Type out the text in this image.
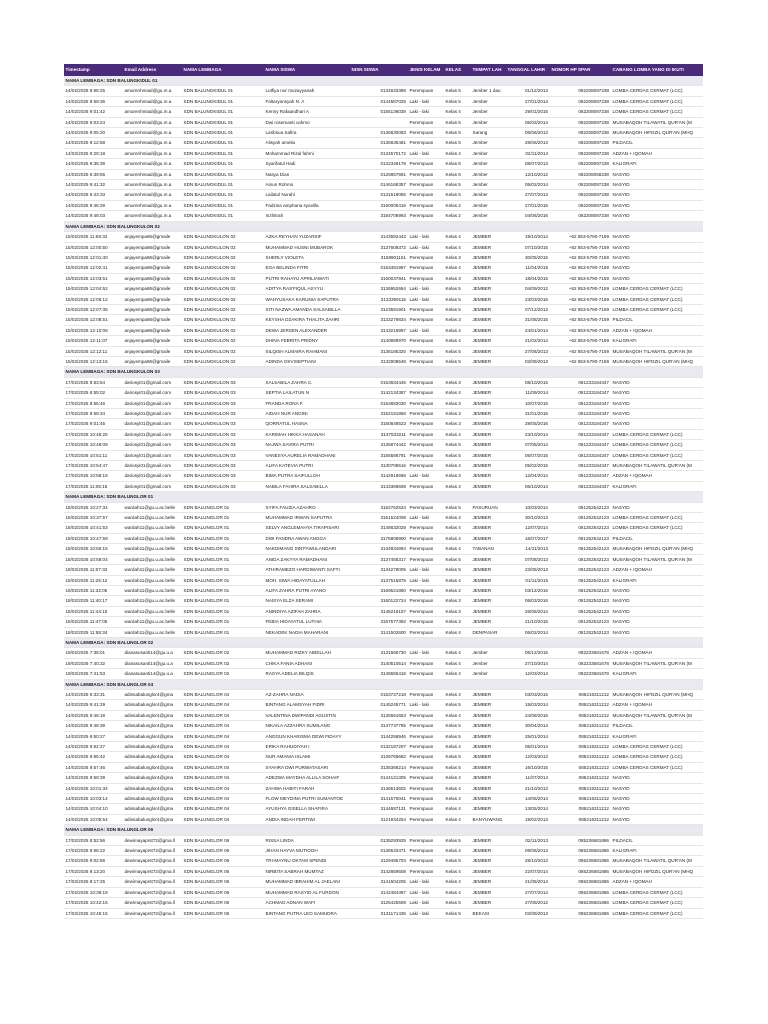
Timestamp	Email Address	NAMA LEMBAGA	NAMA SISWA	NISN SISWA	JENIS KELAM	KELAS	TEMPAT LAH	TANGGAL LAHIR	NOMOR HP SPAR	CABANG LOMBA YANG DI IKUTI
NAMA LEMBAGA: SDN BALUNGKIDUL 01										
14/02/2025 8:56:25	amurenhmiad@gu.m.a	SDN BALUNGKIDUL 01	Lutfiya nur muzayyanah	0134633388	Perempuan	Kelas 5	Jember 1 dau	01/12/2013	082208097238	LOMBA CERDAS CERMAT (LCC)
14/02/2025 8:59:36	amurenhmiad@gu.m.a	SDN BALUNGKIDUL 01	Faltaryansyah N. A	0144587025	Laki - laki	Kelas 5	Jember	27/01/2014	082208097238	LOMBA CERDAS CERMAT (LCC)
14/02/2025 9:01:42	amurenhmiad@gu.m.a	SDN BALUNGKIDUL 01	Kenny Rafaandhari A	0155136038	Laki - laki	Kelas 4	Jember	29/01/2015	082208097238	LOMBA CERDAS CERMAT (LCC)
14/02/2025 9:03:24	amurenhmiad@gu.m.a	SDN BALUNGKIDUL 01	Dwi rosemanti cahmo		Perempuan	Kelas 5	Jember	05/03/2014	082208097238	MUSABAQOH TILAWATIL QUR'AN (M
14/02/2025 9:05:20	amurenhmiad@gu.m.a	SDN BALUNGKIDUL 01	Laribsua Safira	0136630083	Perempuan	Kelas 5	Sarang	06/06/2013	082208097238	MUSABAQOH HIFDZIL QUR'AN (MHQ
14/02/2025 9:12:58	amurenhmiad@gu.m.a	SDN BALUNGKIDUL 01	Alisyah amelia	0136635481	Perempuan	Kelas 5	Jember	28/06/2013	082208097238	PILDACIL
14/02/2025 9:29:18	amurenhmiad@gu.m.a	SDN BALUNGKIDUL 01	Mohammad Rizal fahmi	0134570172	Laki - laki	Kelas 4	Jember	02/11/2014	082208097238	ADZAN + IQOMAH
14/02/2025 9:35:39	amurenhmiad@gu.m.a	SDN BALUNGKIDUL 01	Syarifatul Hadi	0132349178	Perempuan	Kelas 6	Jember	08/07/2013	082208097238	KALIGRAFI
14/02/2025 9:39:55	amurenhmiad@gu.m.a	SDN BALUNGKIDUL 01	Nasya Dian	0126857691	Perempuan	Kelas 6	Jember	12/10/2012	082208058238	NASYID
14/02/2025 9:41:32	amurenhmiad@gu.m.a	SDN BALUNGKIDUL 01	Ainun Rohmo	0146168357	Perempuan	Kelas 5	Jember	05/02/2014	082208097238	NASYID
14/02/2025 9:43:33	amurenhmiad@gu.m.a	SDN BALUNGKIDUL 01	Lailatul Nurahi	0131519085	Perempuan	Kelas 5	Jember	27/07/2013	082208097238	NASYID
14/02/2025 9:46:29	amurenhmiad@gu.m.a	SDN BALUNGKIDUL 01	Fadzina amphana syavilla	3160005416	Perempuan	Kelas 2	Jember	27/01/2016	082208097238	NASYID
14/02/2025 9:48:03	amurenhmiad@gu.m.a	SDN BALUNGKIDUL 01	Inzhitrah	3164706993	Perempuan	Kelas 2	Jember	04/06/2016	082208097238	NASYID
NAMA LEMBAGA: SDN BALUNGKULON 02										
15/02/2025 11:59:32	anjayempa86@gmaile	SDN BALUNGKULON 02	AZKA REYHAN YUZARSIF	3143592443	Laki - laki	Kelas 4	JEMBER	19/10/2014	+62 853-5790-7159	NASYID
15/02/2025 12:00:50	anjayempa86@gmaile	SDN BALUNGKULON 02	MUHAMMAD HUSNI MUBAROK	3137609372	Laki - laki	Kelas 4	JEMBER	07/10/2015	+62 853-5790-7159	NASYID
15/02/2025 12:01:40	anjayempa86@gmaile	SDN BALUNGKULON 02	SHERLY VIOLETA	3158901151	Perempuan	Kelas 3	JEMBER	30/05/2015	+62 853-5790-7159	NASYID
15/02/2025 12:02:41	anjayempa86@gmaile	SDN BALUNGKULON 02	EGA BELINDA FITRI	0153481987	Perempuan	Kelas 4	JEMBER	11/04/2015	+62 853-5790-7159	NASYID
15/02/2025 12:03:51	anjayempa86@gmaile	SDN BALUNGKULON 02	PUTRI RAHAYU APRILIAWATI	3160037841	Perempuan	Kelas 3	JEMBER	18/04/2015	+62 853-5790-7159	NASYID
15/02/2025 12:04:52	anjayempa86@gmaile	SDN BALUNGKULON 02	ADITYA RAS'FIQUL ASYYU	3136952664	Laki - laki	Kelas 5	JEMBER	04/09/2012	+62 853-5790-7159	LOMBA CERDAS CERMAT (LCC)
15/02/2025 12:06:12	anjayempa86@gmaile	SDN BALUNGKULON 02	WAHYUSAKA KARUNIA SAPUTRA	3133399115	Laki - laki	Kelas 5	JEMBER	23/03/2016	+62 853-5790-7159	LOMBA CERDAS CERMAT (LCC)
15/02/2025 12:07:35	anjayempa86@gmaile	SDN BALUNGKULON 02	SITI NAZWA AMANDA SALSABILLA	3123591901	Perempuan	Kelas 5	JEMBER	07/12/2012	+62 853-5790-7159	LOMBA CERDAS CERMAT (LCC)
15/02/2025 12:08:51	anjayempa86@gmaile	SDN BALUNGKULON 02	KEYSHA DZAKIRA THALITA ZAHRI	3133279834	Perempuan	Kelas 3	JEMBER	31/08/2015	+62 853-5790-7159	PILDACIL
15/02/2025 12:10:08	anjayempa86@gmaile	SDN BALUNGKULON 02	DEWA JERSEN ALEXANDER	3143216997	Laki - laki	Kelas 4	JEMBER	24/01/2014	+62 853-5790-7159	ADZAN + IQOMAH
15/02/2025 12:11:07	anjayempa86@gmaile	SDN BALUNGKULON 02	DHINA FEBRITA PRIDNY	3140889970	Perempuan	Kelas 4	JEMBER	21/02/2014	+62 853-5790-7159	KALIGRAFI
15/02/2025 12:12:11	anjayempa86@gmaile	SDN BALUNGKULON 02	SILQISH ALMAIRA RAHMANI	3136185320	Perempuan	Kelas 5	JEMBER	27/06/2013	+62 853-5790-7159	MUSABAQOH TILAWATIL QUR'AN (M
15/02/2025 12:13:15	anjayempa86@gmaile	SDN BALUNGKULON 02	ADINDA OKVISEPTIANI	3132908548	Perempuan	Kelas 5	JEMBER	03/09/2013	+62 853-5790-7159	MUSABAQOH HIFDZIL QUR'AN (MHQ
NAMA LEMBAGA: SDN BALUNGKULON 03										
17/02/2025 8:53:54	dariosyi01@gmail.com	SDN BALUNGKULON 03	SALSABILA ZAHRA C.	0153634445	Perempuan	Kelas 3	JEMBER	08/10/2015	081233184347	NASYID
17/02/2025 8:55:02	dariosyi01@gmail.com	SDN BALUNGKULON 03	SEPTIA LAILATUN N	3142134387	Perempuan	Kelas 4	JEMBER	11/09/2014	081233184347	NASYID
17/02/2025 8:56:46	dariosyi01@gmail.com	SDN BALUNGKULON 03	FRANDA RONA F.	0153683030	Perempuan	Kelas 3	JEMBER	10/07/2015	081233184347	NASYID
17/02/2025 8:59:34	dariosyi01@gmail.com	SDN BALUNGKULON 03	AIDAH NUR ANGINI	3152151856	Perempuan	Kelas 3	JEMBER	31/01/2016	081233184347	NASYID
17/02/2025 9:01:45	dariosyi01@gmail.com	SDN BALUNGKULON 03	QORRATUL HASNA	3150848523	Perempuan	Kelas 3	JEMBER	28/05/2016	081233184347	NASYID
17/02/2025 10:46:25	dariosyi01@gmail.com	SDN BALUNGKULON 03	KARIMAH HIKKA HASANAH	3137533211	Perempuan	Kelas 4	JEMBER	23/10/2014	081233184347	LOMBA CERDAS CERMAT (LCC)
17/02/2025 10:48:09	dariosyi01@gmail.com	SDN BALUNGKULON 03	NAJWA SAVIRA PUTRI	3135874442	Perempuan	Kelas 5	JEMBER	07/05/2014	081233184347	LOMBA CERDAS CERMAT (LCC)
17/02/2025 10:51:11	dariosyi01@gmail.com	SDN BALUNGKULON 03	VANESYA AURELIA RAMADHANI	3155586791	Perempuan	Kelas 5	JEMBER	05/07/2015	081233184347	LOMBA CERDAS CERMAT (LCC)
17/02/2025 10:54:47	dariosyi01@gmail.com	SDN BALUNGKULON 03	ALIFA KATEVIA PUTRI	3130706516	Perempuan	Kelas 4	JEMBER	05/02/2015	081233184347	MUSABAQOH TILAWATIL QUR'AN (M
17/02/2025 10:58:19	dariosyi01@gmail.com	SDN BALUNGKULON 03	BIMA PUTRA SAIFULLOH	3142918666	Laki - laki	Kelas 3	JEMBER	12/04/2014	081233184347	ADZAN + IQOMAH
17/02/2025 11:05:15	dariosyi01@gmail.com	SDN BALUNGKULON 03	NABILA FAHIRA SALSABILLA	3143386608	Perempuan	Kelas 4	JEMBER	06/10/2014	081233184347	KALIGRAFI
NAMA LEMBAGA: SDN BALUNGLOR 01										
18/02/2025 10:27:34	wardah11@gu.u.ac.belle	SDN BALUNGLOR 01	SYIFA FAUZIA AZAHRO	3162762534	Perempuan	Kelas 5	PASURUAN	10/03/2014	081252542123	NASYID
18/02/2025 10:37:57	wardah11@gu.u.ac.belle	SDN BALUNGLOR 01	MUHAMMAD IRWAN SAPUTRA	3151524008	Laki - laki	Kelas 4	JEMBER	30/10/2013	081252542123	LOMBA CERDAS CERMAT (LCC)
18/02/2025 10:41:53	wardah11@gu.u.ac.belle	SDN BALUNGLOR 01	SELVY ANGLEMAHYA TIRAPISARI	3148632028	Perempuan	Kelas 4	JEMBER	12/07/2014	081252542123	LOMBA CERDAS CERMAT (LCC)
18/02/2025 10:47:59	wardah11@gu.u.ac.belle	SDN BALUNGLOR 01	DWI FANDRA AWAN ANGGA	3175808900	Perempuan	Kelas 4	JEMBER	16/07/2017	081252542123	PILDACIL
18/02/2025 10:56:16	wardah11@gu.u.ac.belle	SDN BALUNGLOR 01	NAKDIMANG SIN'FAWULANDARI	3134934894	Perempuan	Kelas 4	TABANAN	14/11/2013	081252542123	MUSABAQOH HIFDZIL QUR'AN (MHQ
18/02/2025 10:58:04	wardah11@gu.u.ac.belle	SDN BALUNGLOR 01	ANIDA ZAKYYA RAMADHANI	3137455317	Perempuan	Kelas 5	JEMBER	07/08/2013	081252542123	MUSABAQOH TILAWATIL QUR'AN (M
18/02/2025 11:07:32	wardah11@gu.u.ac.belle	SDN BALUNGLOR 01	ATHIRAMEZO HARDIWANTI SAFTI	3134278005	Laki - laki	Kelas 5	JEMBER	23/05/2013	081252542123	ADZAN + IQOMAH
18/02/2025 11:25:12	wardah11@gu.u.ac.belle	SDN BALUNGLOR 01	MOH. SIWA HIDAYATULLAH	3137515875	Laki - laki	Kelas 4	JEMBER	01/11/2015	081252542123	KALIGRAFI
18/02/2025 11:32:05	wardah11@gu.u.ac.belle	SDN BALUNGLOR 01	ALIFA ZAHRA PUTRI AYANO	3169521880	Perempuan	Kelas 2	JEMBER	03/12/2016	081252542123	NASYID
18/02/2025 11:40:17	wardah11@gu.u.ac.belle	SDN BALUNGLOR 01	NAISYA ELZA SERAMI	3160122724	Perempuan	Kelas 3	JEMBER	06/03/2016	081252542123	NASYID
18/02/2025 11:44:15	wardah11@gu.u.ac.belle	SDN BALUNGLOR 01	ANINDIYA AZIFAH ZAHRA	3145216107	Perempuan	Kelas 3	JEMBER	26/05/2014	081252542123	NASYID
18/02/2025 11:47:05	wardah11@gu.u.ac.belle	SDN BALUNGLOR 01	FEBIA HIDAYATUL LUTHIA	3157577392	Perempuan	Kelas 3	JEMBER	21/10/2015	081252542123	NASYID
18/02/2025 11:55:34	wardah11@gu.u.ac.belle	SDN BALUNGLOR 01	NEKADEK NADIA MAHARANI	3141502600	Perempuan	Kelas 4	DENPASAR	06/02/2014	081252542123	NASYID
NAMA LEMBAGA: SDN BALUNGLOR 02										
19/02/2025 7:38:01	dianasusanti14@gu.u.a	SDN BALUNGLOR 02	MUHAMMAD RIZKY ABDILLAH	3131566730	Laki - laki	Kelas 4	Jember	06/12/2015	082233581678	ADZAN + IQOMAH
19/02/2025 7:40:32	dianasusanti14@gu.u.a	SDN BALUNGLOR 02	CHIKA FANIA ADHANI	3140510514	Perempuan	Kelas 4	Jember	27/10/2014	082233581678	MUSABAQOH TILAWATIL QUR'AN (M
19/02/2025 7:41:53	dianasusanti14@gu.u.a	SDN BALUNGLOR 02	RASYA ADELIA BILQIS	3145555416	Perempuan	Kelas 4	Jember	12/03/2014	082233581678	KALIGRAFI
NAMA LEMBAGA: SDN BALUNGLOR 04										
14/02/2025 9:33:31	adinsabalunglor4@gma	SDN BALUNGLOR 04	AZ-ZAHRA NADIA	0153727218	Perempuan	Kelas 4	JEMBER	03/03/2015	085216311212	MUSABAQOH HIFDZIL QUR'AN (MHQ
14/02/2025 9:41:29	adinsabalunglor4@gma	SDN BALUNGLOR 04	BINTANG ALAMSYAH FIDRI	0145245771	Laki - laki	Kelas 5	JEMBER	15/03/2014	085216311212	ADZAN + IQOMAH
14/02/2025 9:46:19	adinsabalunglor4@gma	SDN BALUNGLOR 04	VALENTINA DWIPANDI AGUSTIN	3135561653	Perempuan	Kelas 4	JEMBER	24/08/2016	085216311212	MUSABAQOH TILAWATIL QUR'AN (M
14/02/2025 9:48:39	adinsabalunglor4@gma	SDN BALUNGLOR 04	NIKAILA AZZAHRA SUMILANG	3147737765	Perempuan	Kelas 5	JEMBER	30/04/2014	085216311212	PILDACIL
14/02/2025 9:50:27	adinsabalunglor4@gma	SDN BALUNGLOR 04	ANGGUN KHARISMA DEWI FIDAYY	3144256946	Perempuan	Kelas 5	JEMBER	25/01/2014	085216311212	KALIGRAFI
14/02/2025 9:52:27	adinsabalunglor4@gma	SDN BALUNGLOR 04	ERIKA RAHUDIYAH I	0132187207	Perempuan	Kelas 4	JEMBER	05/01/2014	085216311212	LOMBA CERDAS CERMAT (LCC)
14/02/2025 9:55:42	adinsabalunglor4@gma	SDN BALUNGLOR 04	NUR AMANIA ISLAMI	3139765682	Perempuan	Kelas 5	JEMBER	12/03/2013	085216311212	LOMBA CERDAS CERMAT (LCC)
14/02/2025 9:57:46	adinsabalunglor4@gma	SDN BALUNGLOR 04	SYAHRA DWI PURWATASARI	3135366214	Perempuan	Kelas 5	JEMBER	16/10/2015	085216311212	LOMBA CERDAS CERMAT (LCC)
14/02/2025 9:59:39	adinsabalunglor4@gma	SDN BALUNGLOR 04	ADEZWA MAYDHA ALLILA SOHAIF	0144121305	Perempuan	Kelas 4	JEMBER	11/07/2014	085216311212	NASYID
14/02/2025 10:01:34	adinsabalunglor4@gma	SDN BALUNGLOR 04	ZAHWA HABITI FARAH	3136513602	Perempuan	Kelas 4	JEMBER	21/10/2013	085216311212	NASYID
14/02/2025 10:03:14	adinsabalunglor4@gma	SDN BALUNGLOR 04	FLOW MEYDINA PUTRI SUMANTOE	3141570041	Perempuan	Kelas 4	JEMBER	14/05/2014	085216311212	NASYID
14/02/2025 10:04:10	adinsabalunglor4@gma	SDN BALUNGLOR 04	AYUSHYA GISELLA SHAFIRA	3144687131	Perempuan	Kelas 4	JEMBER	13/05/2014	085216311212	NASYID
14/02/2025 10:05:54	adinsabalunglor4@gma	SDN BALUNGLOR 04	ANDIA INDAH FERTIWI	3121934254	Perempuan	Kelas 4	BANYUWANG	19/02/2013	085216311212	NASYID
NAMA LEMBAGA: SDN BALUNGLOR 06										
17/02/2025 8:52:56	dewimayaprst72@gma.ll	SDN BALUNGLOR 06	RISSA LINDA	0139293925	Perempuan	Kelas 5	JEMBER	02/11/2013	085236681886	PILDACIL
17/02/2025 8:56:22	dewimayaprst72@gma.ll	SDN BALUNGLOR 06	JIHAN HAYVA MUTIOOH	0136533471	Perempuan	Kelas 4	JEMBER	09/06/2013	085236681886	KALIGRAFI
17/02/2025 9:02:56	dewimayaprst72@gma.ll	SDN BALUNGLOR 06	TRI-MAYNU OKTAM SPENDI	3129495703	Perempuan	Kelas 5	JEMBER	28/10/2013	085236681886	MUSABAQOH TILAWATIL QUR'AN (M
17/02/2025 9:13:20	dewimayaprst72@gma.ll	SDN BALUNGLOR 06	NIRBITA SABRAH MUMTAZ	3142859608	Perempuan	Kelas 4	JEMBER	22/07/2014	085236681886	MUSABAQOH HIFDZIL QUR'AN (MHQ
17/02/2025 9:17:25	dewimayaprst72@gma.ll	SDN BALUNGLOR 06	MUHAMMAD IBRAHIM AL JAELANI	3141504205	Laki - laki	Kelas 4	JEMBER	21/05/2014	085236681886	ADZAN + IQOMAH
17/02/2025 10:39:18	dewimayaprst72@gma.ll	SDN BALUNGLOR 06	MUHAMMAD RASYID AL FURDON	3142484387	Laki - laki	Kelas 4	JEMBER	27/07/2014	085236681886	LOMBA CERDAS CERMAT (LCC)
17/02/2025 10:42:15	dewimayaprst72@gma.ll	SDN BALUNGLOR 06	ACHMAD ADNAN WAFI	3125425509	Laki - laki	Kelas 5	JEMBER	27/09/2012	085236681886	LOMBA CERDAS CERMAT (LCC)
17/02/2025 10:45:15	dewimayaprst72@gma.ll	SDN BALUNGLOR 06	BINTANG PUTRA LEO SAMUDRA	0131171436	Laki - laki	Kelas 5	BEKASI	03/09/2013	085236681886	LOMBA CERDAS CERMAT (LCC)
